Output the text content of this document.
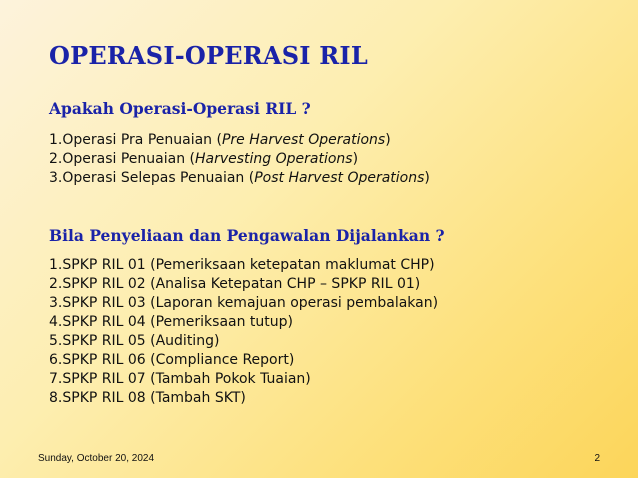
OPERASI-OPERASI RIL
Apakah Operasi-Operasi RIL ?
1.Operasi Pra Penuaian (Pre Harvest Operations)
2.Operasi Penuaian (Harvesting Operations)
3.Operasi Selepas Penuaian (Post Harvest Operations)
Bila Penyeliaan dan Pengawalan Dijalankan ?
1.SPKP RIL 01 (Pemeriksaan ketepatan maklumat CHP)
2.SPKP RIL 02 (Analisa Ketepatan CHP – SPKP RIL 01)
3.SPKP RIL 03 (Laporan kemajuan operasi pembalakan)
4.SPKP RIL 04 (Pemeriksaan tutup)
5.SPKP RIL 05 (Auditing)
6.SPKP RIL 06 (Compliance Report)
7.SPKP RIL 07 (Tambah Pokok Tuaian)
8.SPKP RIL 08 (Tambah SKT)
Sunday, October 20, 2024	2
